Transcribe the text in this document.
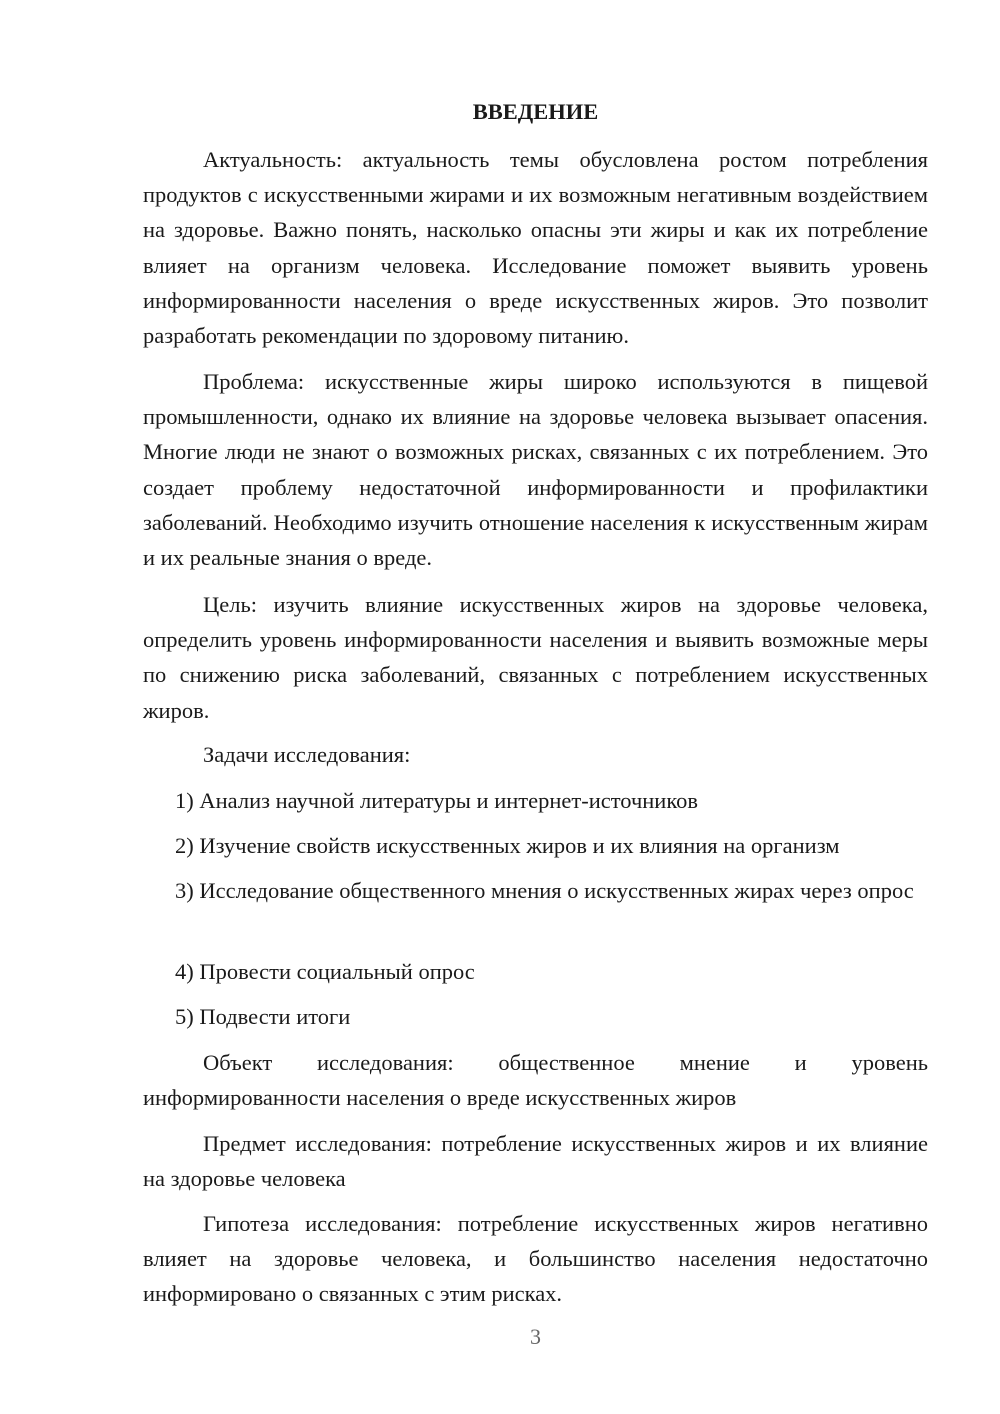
ВВЕДЕНИЕ

Актуальность: актуальность темы обусловлена ростом потребления продуктов с искусственными жирами и их возможным негативным воздействием на здоровье. Важно понять, насколько опасны эти жиры и как их потребление влияет на организм человека. Исследование поможет выявить уровень информированности населения о вреде искусственных жиров. Это позволит разработать рекомендации по здоровому питанию.

Проблема: искусственные жиры широко используются в пищевой промышленности, однако их влияние на здоровье человека вызывает опасения. Многие люди не знают о возможных рисках, связанных с их потреблением. Это создает проблему недостаточной информированности и профилактики заболеваний. Необходимо изучить отношение населения к искусственным жирам и их реальные знания о вреде.

Цель: изучить влияние искусственных жиров на здоровье человека, определить уровень информированности населения и выявить возможные меры по снижению риска заболеваний, связанных с потреблением искусственных жиров.

Задачи исследования:

1) Анализ научной литературы и интернет-источников

2) Изучение свойств искусственных жиров и их влияния на организм

3) Исследование общественного мнения о искусственных жирах через опрос

4) Провести социальный опрос

5) Подвести итоги

Объект исследования: общественное мнение и уровень информированности населения о вреде искусственных жиров

Предмет исследования: потребление искусственных жиров и их влияние на здоровье человека

Гипотеза исследования: потребление искусственных жиров негативно влияет на здоровье человека, и большинство населения недостаточно информировано о связанных с этим рисках.

3
